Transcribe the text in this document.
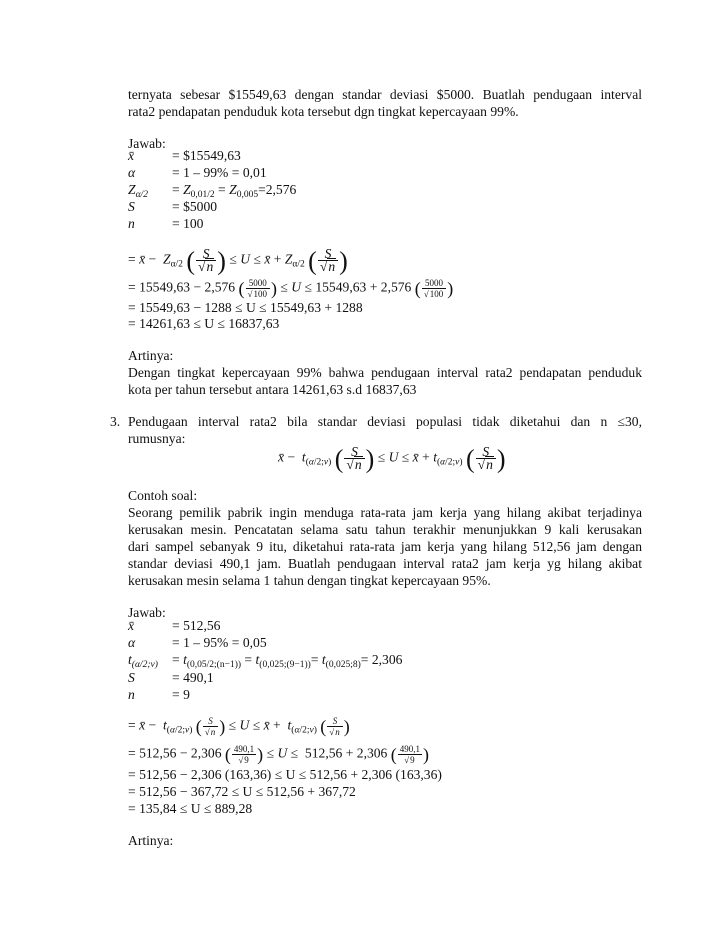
ternyata sebesar $15549,63 dengan standar deviasi $5000. Buatlah pendugaan interval
rata2 pendapatan penduduk kota tersebut dgn tingkat kepercayaan 99%.
Jawab:
x̄	= $15549,63
α	= 1 – 99% = 0,01
$Z_{\alpha/2} = Z_{0,01/2} = Z_{0,005}=2,576$
S	= $5000
n	= 100
= x̄ −  $Z_{\alpha/2}$ ( $\frac{S}{√n}$ ) ≤ U ≤ x̄ + $Z_{\alpha/2}$ ( $\frac{S}{√n}$ )
= 15549,63 − 2,576 ( $\frac{5000}{√100}$ ) ≤ U ≤ 15549,63 + 2,576 ( $\frac{5000}{√100}$ )
= 15549,63 − 1288 ≤ U ≤ 15549,63 + 1288
= 14261,63 ≤ U ≤ 16837,63
Artinya:
Dengan tingkat kepercayaan 99% bahwa pendugaan interval rata2 pendapatan penduduk
kota per tahun tersebut antara 14261,63 s.d 16837,63
3. Pendugaan interval rata2 bila standar deviasi populasi tidak diketahui dan n ≤30,
rumusnya:
x̄ −  $t_{(\alpha/2;v)}$ ( $\frac{S}{√n}$ ) ≤ U ≤ x̄ + $t_{(\alpha/2;v)}$ ( $\frac{S}{√n}$ )
Contoh soal:
Seorang pemilik pabrik ingin menduga rata-rata jam kerja yang hilang akibat terjadinya
kerusakan mesin. Pencatatan selama satu tahun terakhir menunjukkan 9 kali kerusakan
dari sampel sebanyak 9 itu, diketahui rata-rata jam kerja yang hilang 512,56 jam dengan
standar deviasi 490,1 jam. Buatlah pendugaan interval rata2 jam kerja yg hilang akibat
kerusakan mesin selama 1 tahun dengan tingkat kepercayaan 95%.
Jawab:
x̄	= 512,56
α	= 1 – 95% = 0,05
$t_{(\alpha/2;v)} = t_{(0,05/2;(n-1))} = t_{(0,025;(9-1))}= t_{(0,025;8)}= 2,306$
S	= 490,1
n	= 9
= x̄ −  $t_{(\alpha/2;v)}$ ( $\frac{S}{√n}$ ) ≤ U ≤ x̄ +  $t_{(\alpha/2;v)}$ ( $\frac{S}{√n}$ )
= 512,56 − 2,306 ( $\frac{490,1}{√9}$ ) ≤ U ≤  512,56 + 2,306 ( $\frac{490,1}{√9}$ )
= 512,56 − 2,306 (163,36) ≤ U ≤ 512,56 + 2,306 (163,36)
= 512,56 − 367,72 ≤ U ≤ 512,56 + 367,72
= 135,84 ≤ U ≤ 889,28
Artinya:
